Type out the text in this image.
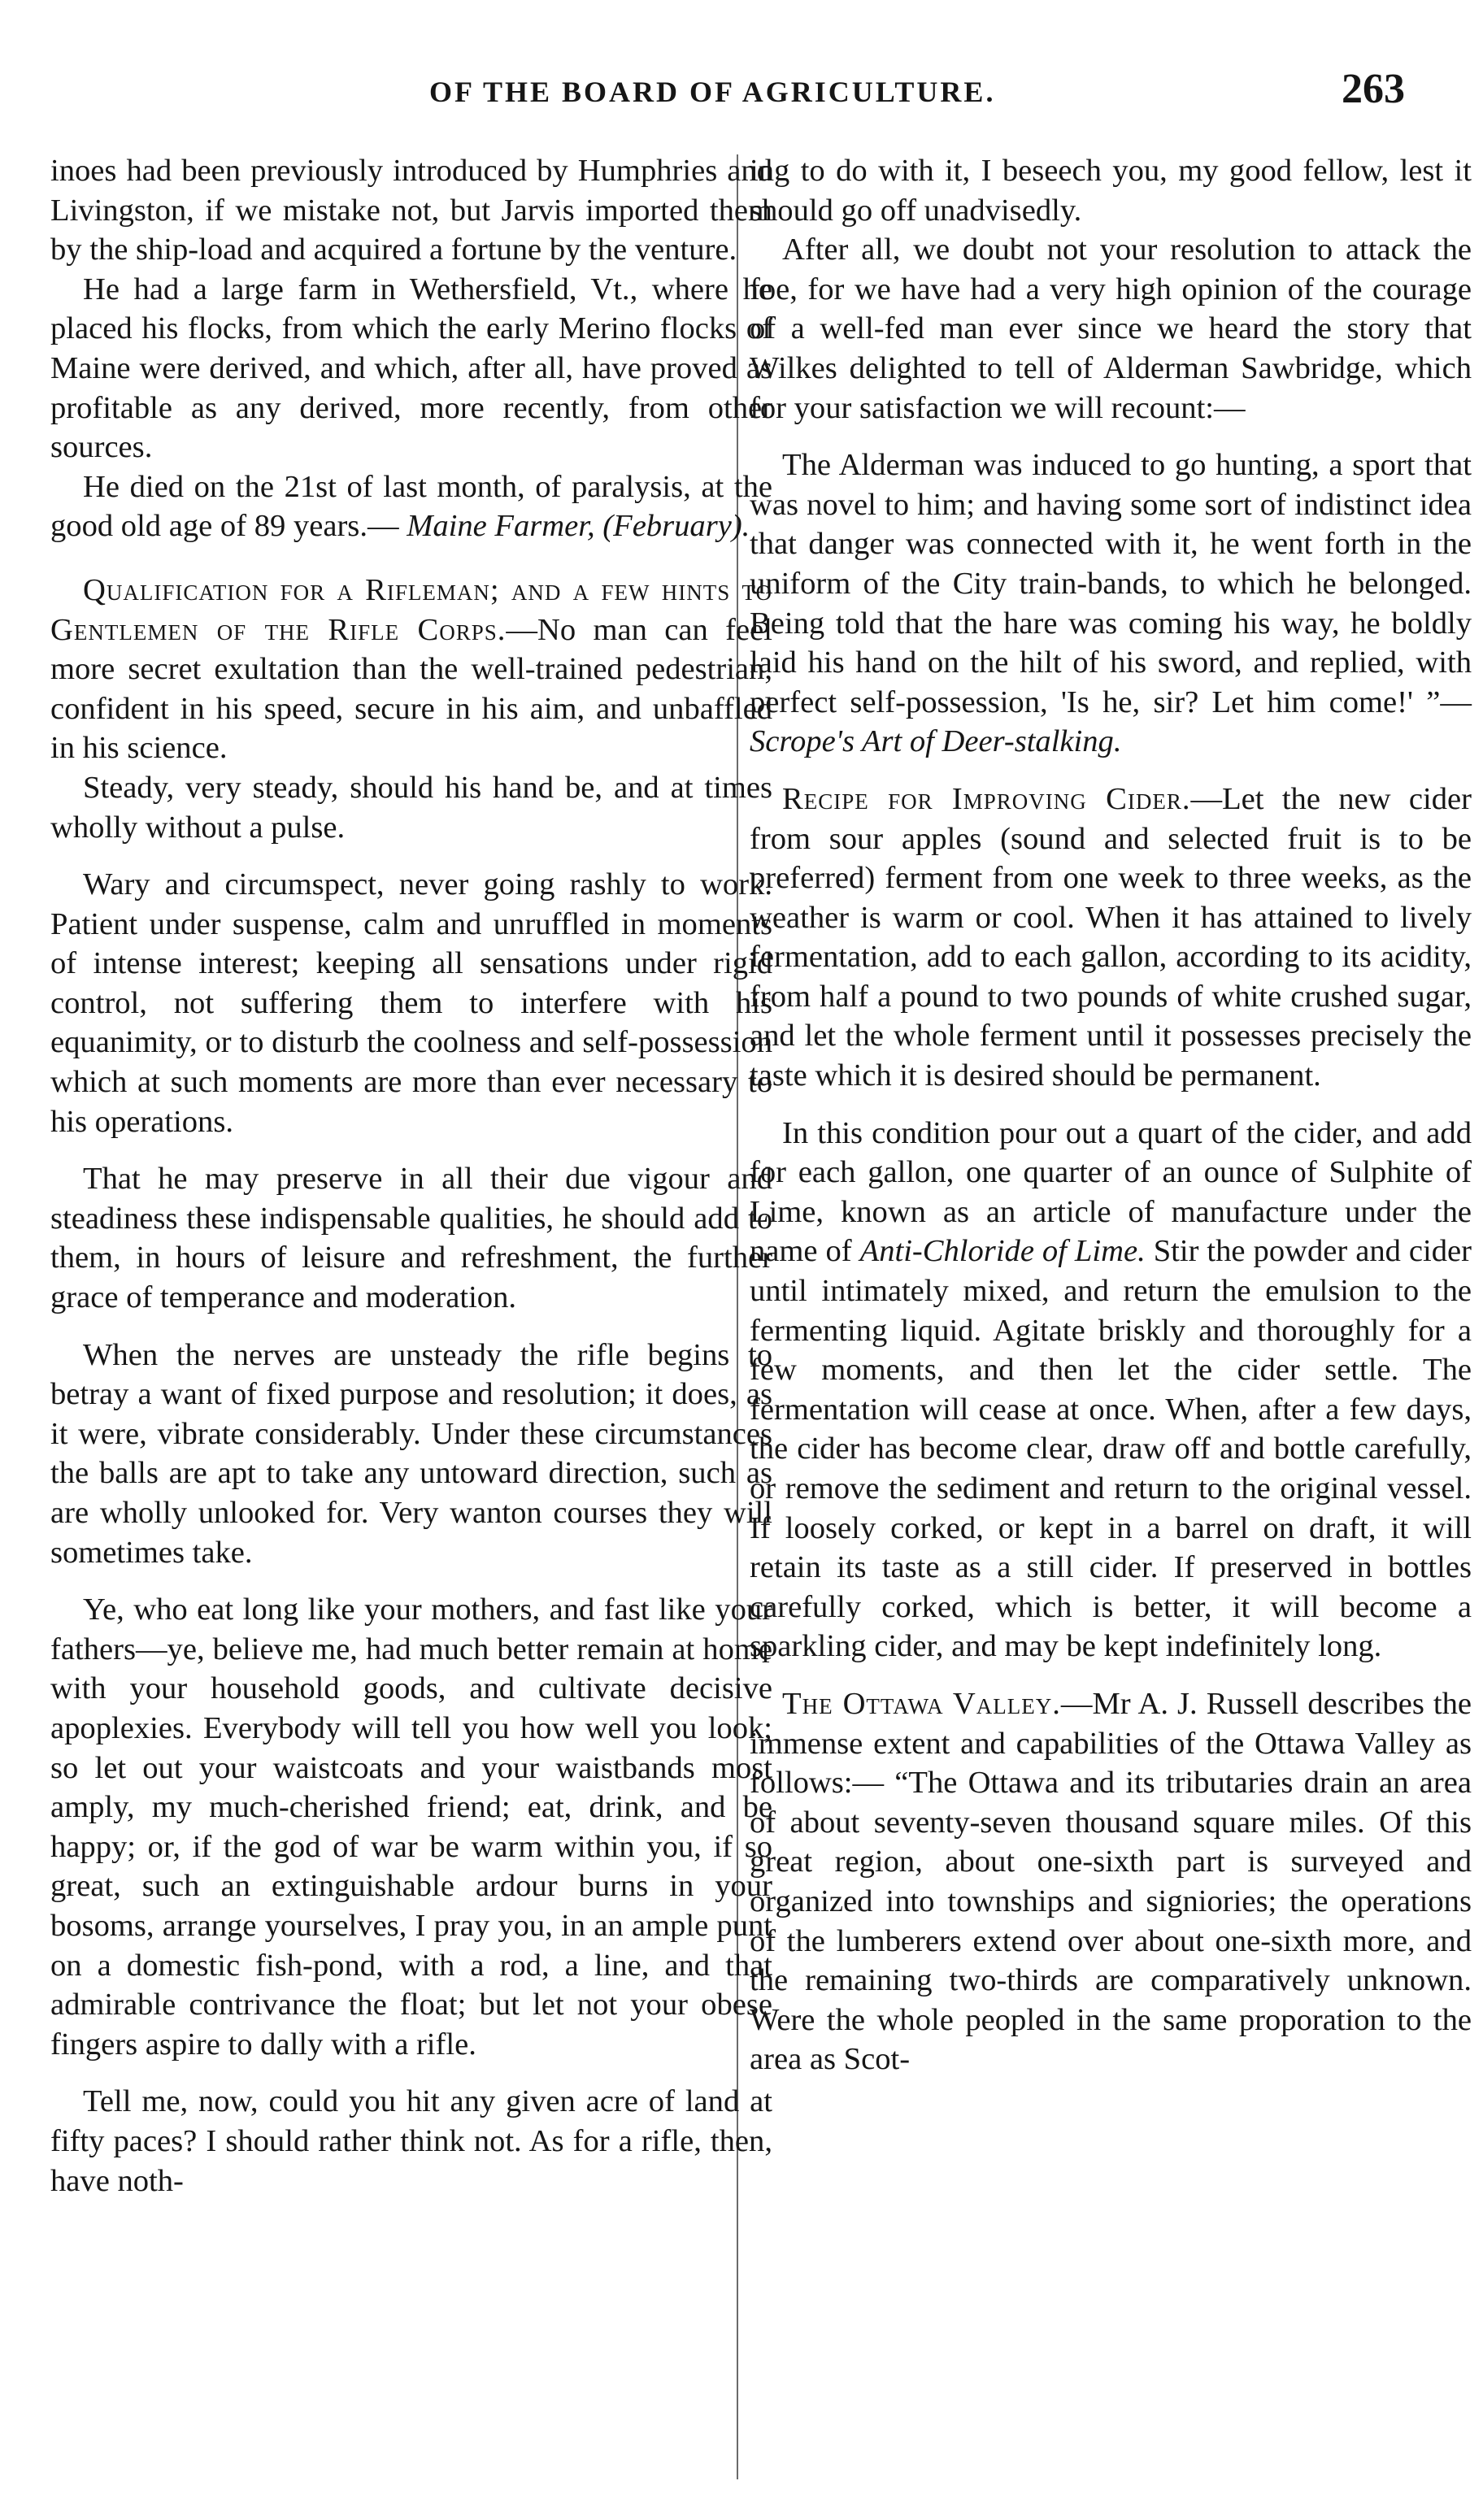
OF THE BOARD OF AGRICULTURE.	263

inoes had been previously introduced by Humphries and Livingston, if we mistake not, but Jarvis imported them by the ship-load and acquired a fortune by the venture.

He had a large farm in Wethersfield, Vt., where he placed his flocks, from which the early Merino flocks of Maine were derived, and which, after all, have proved as profitable as any derived, more recently, from other sources.

He died on the 21st of last month, of paralysis, at the good old age of 89 years.— Maine Farmer, (February).

Qualification for a Rifleman; and a few hints to Gentlemen of the Rifle Corps.—No man can feel more secret exultation than the well-trained pedestrian, confident in his speed, secure in his aim, and unbaffled in his science.

Steady, very steady, should his hand be, and at times wholly without a pulse.

Wary and circumspect, never going rashly to work. Patient under suspense, calm and unruffled in moments of intense interest; keeping all sensations under rigid control, not suffering them to interfere with his equanimity, or to disturb the coolness and self-possession which at such moments are more than ever necessary to his operations.

That he may preserve in all their due vigour and steadiness these indispensable qualities, he should add to them, in hours of leisure and refreshment, the further grace of temperance and moderation.

When the nerves are unsteady the rifle begins to betray a want of fixed purpose and resolution; it does, as it were, vibrate considerably. Under these circumstances the balls are apt to take any untoward direction, such as are wholly unlooked for. Very wanton courses they will sometimes take.

Ye, who eat long like your mothers, and fast like your fathers—ye, believe me, had much better remain at home with your household goods, and cultivate decisive apoplexies. Everybody will tell you how well you look; so let out your waistcoats and your waistbands most amply, my much-cherished friend; eat, drink, and be happy; or, if the god of war be warm within you, if so great, such an extinguishable ardour burns in your bosoms, arrange yourselves, I pray you, in an ample punt on a domestic fish-pond, with a rod, a line, and that admirable contrivance the float; but let not your obese fingers aspire to dally with a rifle.

Tell me, now, could you hit any given acre of land at fifty paces? I should rather think not. As for a rifle, then, have noth-

ing to do with it, I beseech you, my good fellow, lest it should go off unadvisedly.

After all, we doubt not your resolution to attack the foe, for we have had a very high opinion of the courage of a well-fed man ever since we heard the story that Wilkes delighted to tell of Alderman Sawbridge, which for your satisfaction we will recount:—

The Alderman was induced to go hunting, a sport that was novel to him; and having some sort of indistinct idea that danger was connected with it, he went forth in the uniform of the City train-bands, to which he belonged. Being told that the hare was coming his way, he boldly laid his hand on the hilt of his sword, and replied, with perfect self-possession, 'Is he, sir? Let him come!' ”—Scrope's Art of Deer-stalking.

Recipe for Improving Cider.—Let the new cider from sour apples (sound and selected fruit is to be preferred) ferment from one week to three weeks, as the weather is warm or cool. When it has attained to lively fermentation, add to each gallon, according to its acidity, from half a pound to two pounds of white crushed sugar, and let the whole ferment until it possesses precisely the taste which it is desired should be permanent.

In this condition pour out a quart of the cider, and add for each gallon, one quarter of an ounce of Sulphite of Lime, known as an article of manufacture under the name of Anti-Chloride of Lime. Stir the powder and cider until intimately mixed, and return the emulsion to the fermenting liquid. Agitate briskly and thoroughly for a few moments, and then let the cider settle. The fermentation will cease at once. When, after a few days, the cider has become clear, draw off and bottle carefully, or remove the sediment and return to the original vessel. If loosely corked, or kept in a barrel on draft, it will retain its taste as a still cider. If preserved in bottles carefully corked, which is better, it will become a sparkling cider, and may be kept indefinitely long.

The Ottawa Valley.—Mr A. J. Russell describes the immense extent and capabilities of the Ottawa Valley as follows:— “The Ottawa and its tributaries drain an area of about seventy-seven thousand square miles. Of this great region, about one-sixth part is surveyed and organized into townships and signiories; the operations of the lumberers extend over about one-sixth more, and the remaining two-thirds are comparatively unknown. Were the whole peopled in the same proporation to the area as Scot-
